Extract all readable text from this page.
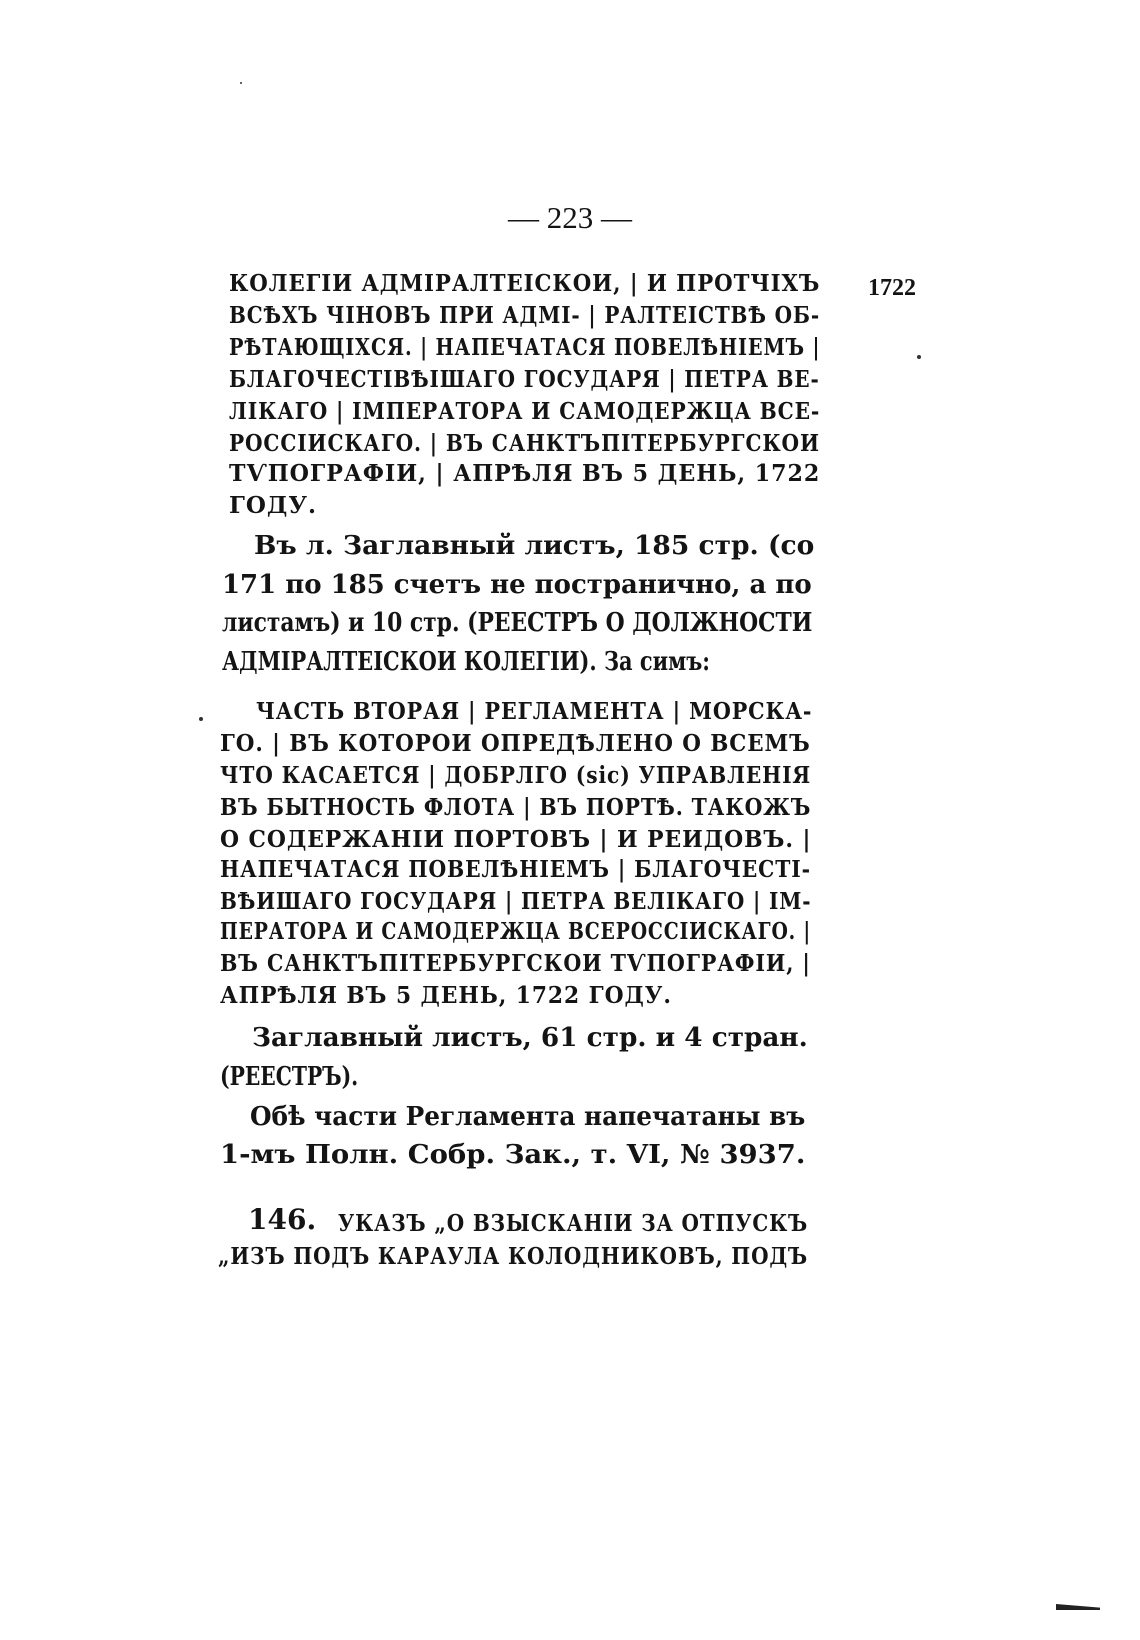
— 223 —
1722
КОЛЕГІИ АДМІРАЛТЕІСКОИ, | И ПРОТЧІХЪ
ВСѢХЪ ЧІНОВЪ ПРИ АДМІ- | РАЛТЕІСТВѢ ОБ-
РѢТАЮЩІХСЯ. | НАПЕЧАТАСЯ ПОВЕЛѢНІЕМЪ |
БЛАГОЧЕСТІВѢІШАГО ГОСУДАРЯ | ПЕТРА ВЕ-
ЛІКАГО | ІМПЕРАТОРА И САМОДЕРЖЦА ВСЕ-
РОССІИСКАГО. | ВЪ САНКТЪПІТЕРБУРГСКОИ
ТѴПОГРАФІИ, | АПРѢЛЯ ВЪ 5 ДЕНЬ, 1722
ГОДУ.
Въ л. Заглавный листъ, 185 стр. (со
171 по 185 счетъ не постранично, а по
листамъ) и 10 стр. (РЕЕСТРЪ О ДОЛЖНОСТИ
АДМІРАЛТЕІСКОИ КОЛЕГІИ). За симъ:
ЧАСТЬ ВТОРАЯ | РЕГЛАМЕНТА | МОРСКА-
ГО. | ВЪ КОТОРОИ ОПРЕДѢЛЕНО О ВСЕМЪ
ЧТО КАСАЕТСЯ | ДОБРЛГО (sic) УПРАВЛЕНІЯ
ВЪ БЫТНОСТЬ ФЛОТА | ВЪ ПОРТѢ. ТАКОЖЪ
О СОДЕРЖАНІИ ПОРТОВЪ | И РЕИДОВЪ. |
НАПЕЧАТАСЯ ПОВЕЛѢНІЕМЪ | БЛАГОЧЕСТІ-
ВѢИШАГО ГОСУДАРЯ | ПЕТРА ВЕЛІКАГО | ІМ-
ПЕРАТОРА И САМОДЕРЖЦА ВСЕРОССІИСКАГО. |
ВЪ САНКТЪПІТЕРБУРГСКОИ ТѴПОГРАФІИ, |
АПРѢЛЯ ВЪ 5 ДЕНЬ, 1722 ГОДУ.
Заглавный листъ, 61 стр. и 4 стран.
(РЕЕСТРЪ).
Обѣ части Регламента напечатаны въ
1-мъ Полн. Собр. Зак., т. VI, № 3937.
146. УКАЗЪ „О ВЗЫСКАНІИ ЗА ОТПУСКЪ
„ИЗЪ ПОДЪ КАРАУЛА КОЛОДНИКОВЪ, ПОДЪ
